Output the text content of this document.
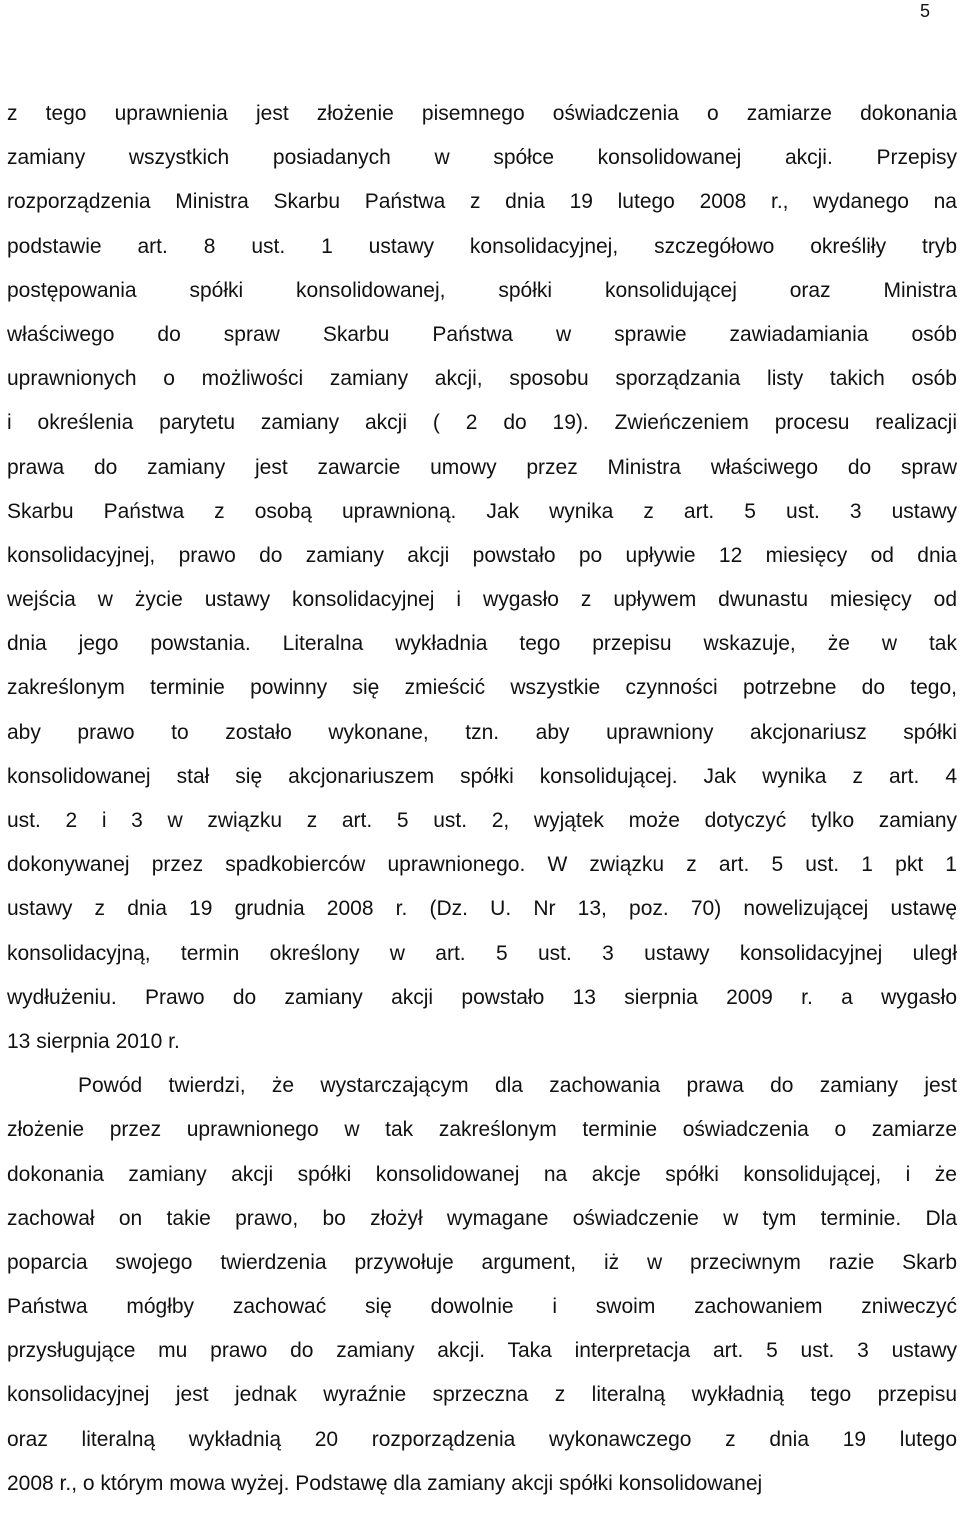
5
z tego uprawnienia jest złożenie pisemnego oświadczenia o zamiarze dokonania
zamiany wszystkich posiadanych w spółce konsolidowanej akcji. Przepisy
rozporządzenia Ministra Skarbu Państwa z dnia 19 lutego 2008 r., wydanego na
podstawie art. 8 ust. 1 ustawy konsolidacyjnej, szczegółowo określiły tryb
postępowania spółki konsolidowanej, spółki konsolidującej oraz Ministra
właściwego do spraw Skarbu Państwa w sprawie zawiadamiania osób
uprawnionych o możliwości zamiany akcji, sposobu sporządzania listy takich osób
i określenia parytetu zamiany akcji ( 2 do 19). Zwieńczeniem procesu realizacji
prawa do zamiany jest zawarcie umowy przez Ministra właściwego do spraw
Skarbu Państwa z osobą uprawnioną. Jak wynika z art. 5 ust. 3 ustawy
konsolidacyjnej, prawo do zamiany akcji powstało po upływie 12 miesięcy od dnia
wejścia w życie ustawy konsolidacyjnej i wygasło z upływem dwunastu miesięcy od
dnia jego powstania. Literalna wykładnia tego przepisu wskazuje, że w tak
zakreślonym terminie powinny się zmieścić wszystkie czynności potrzebne do tego,
aby prawo to zostało wykonane, tzn. aby uprawniony akcjonariusz spółki
konsolidowanej stał się akcjonariuszem spółki konsolidującej. Jak wynika z art. 4
ust. 2 i 3 w związku z art. 5 ust. 2, wyjątek może dotyczyć tylko zamiany
dokonywanej przez spadkobierców uprawnionego. W związku z art. 5 ust. 1 pkt 1
ustawy z dnia 19 grudnia 2008 r. (Dz. U. Nr 13, poz. 70) nowelizującej ustawę
konsolidacyjną, termin określony w art. 5 ust. 3 ustawy konsolidacyjnej uległ
wydłużeniu. Prawo do zamiany akcji powstało 13 sierpnia 2009 r. a wygasło
13 sierpnia 2010 r.
Powód twierdzi, że wystarczającym dla zachowania prawa do zamiany jest
złożenie przez uprawnionego w tak zakreślonym terminie oświadczenia o zamiarze
dokonania zamiany akcji spółki konsolidowanej na akcje spółki konsolidującej, i że
zachował on takie prawo, bo złożył wymagane oświadczenie w tym terminie. Dla
poparcia swojego twierdzenia przywołuje argument, iż w przeciwnym razie Skarb
Państwa mógłby zachować się dowolnie i swoim zachowaniem zniweczyć
przysługujące mu prawo do zamiany akcji. Taka interpretacja art. 5 ust. 3 ustawy
konsolidacyjnej jest jednak wyraźnie sprzeczna z literalną wykładnią tego przepisu
oraz literalną wykładnią 20 rozporządzenia wykonawczego z dnia 19 lutego
2008 r., o którym mowa wyżej. Podstawę dla zamiany akcji spółki konsolidowanej
